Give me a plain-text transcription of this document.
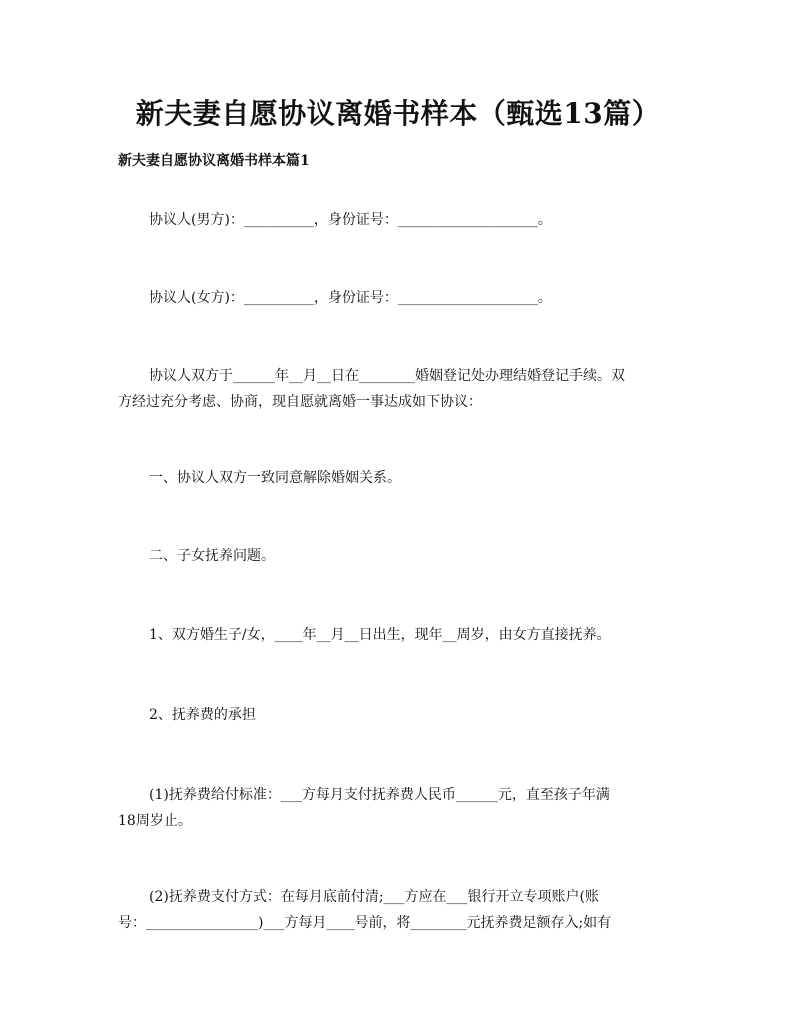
新夫妻自愿协议离婚书样本（甄选13篇）
新夫妻自愿协议离婚书样本篇1
协议人(男方)：__________，身份证号：____________________。
协议人(女方)：__________，身份证号：____________________。
协议人双方于______年__月__日在________婚姻登记处办理结婚登记手续。双
方经过充分考虑、协商，现自愿就离婚一事达成如下协议：
一、协议人双方一致同意解除婚姻关系。
二、子女抚养问题。
1、双方婚生子/女，____年__月__日出生，现年__周岁，由女方直接抚养。
2、抚养费的承担
(1)抚养费给付标准：___方每月支付抚养费人民币______元，直至孩子年满
18周岁止。
(2)抚养费支付方式：在每月底前付清;___方应在___银行开立专项账户(账
号：________________)___方每月____号前，将________元抚养费足额存入;如有
